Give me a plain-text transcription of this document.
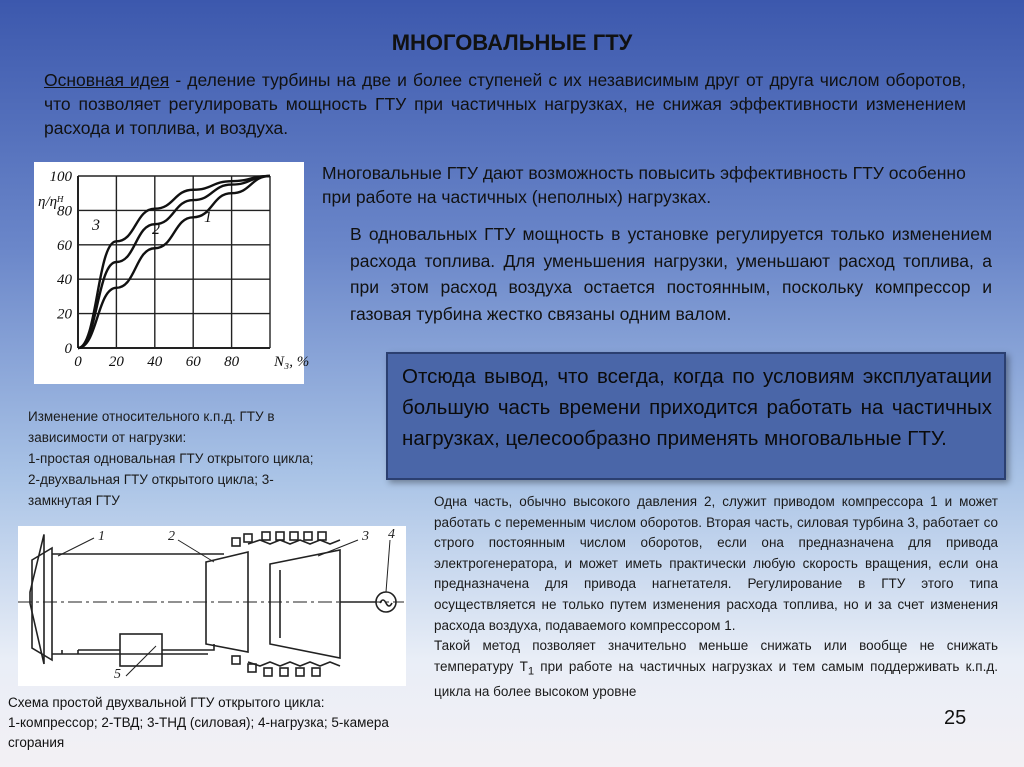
МНОГОВАЛЬНЫЕ ГТУ
Основная идея - деление турбины на две и более ступеней с их независимым друг от друга числом оборотов, что позволяет регулировать мощность ГТУ при частичных нагрузках, не снижая эффективности изменением расхода и топлива, и воздуха.
0
20
40
60
80
100
0 20 40 60 80 N₃, %
η/ηᴴ
1
2
3
Многовальные ГТУ дают возможность повысить эффективность ГТУ особенно при работе на частичных (неполных) нагрузках.
В одновальных ГТУ мощность в установке регулируется только изменением расхода топлива. Для уменьшения нагрузки, уменьшают расход топлива, а при этом расход воздуха остается постоянным, поскольку компрессор и газовая турбина жестко связаны одним валом.
Отсюда вывод, что всегда, когда по условиям эксплуатации большую часть времени приходится работать на частичных нагрузках, целесообразно применять многовальные ГТУ.
Изменение относительного к.п.д. ГТУ в зависимости от нагрузки:
1-простая одновальная ГТУ открытого цикла; 2-двухвальная ГТУ открытого цикла; 3-замкнутая ГТУ
1	2	3 4
5
Схема простой двухвальной ГТУ открытого цикла:
1-компрессор; 2-ТВД; 3-ТНД (силовая); 4-нагрузка; 5-камера сгорания
Одна часть, обычно высокого давления 2, служит приводом компрессора 1 и может работать с переменным числом оборотов. Вторая часть, силовая турбина 3, работает со строго постоянным числом оборотов, если она предназначена для привода электрогенератора, и может иметь практически любую скорость вращения, если она предназначена для привода нагнетателя. Регулирование в ГТУ этого типа осуществляется не только путем изменения расхода топлива, но и за счет изменения расхода воздуха, подаваемого компрессором 1.
Такой метод позволяет значительно меньше снижать или вообще не снижать температуру $Т_1$ при работе на частичных нагрузках и тем самым поддерживать к.п.д. цикла на более высоком уровне
25
